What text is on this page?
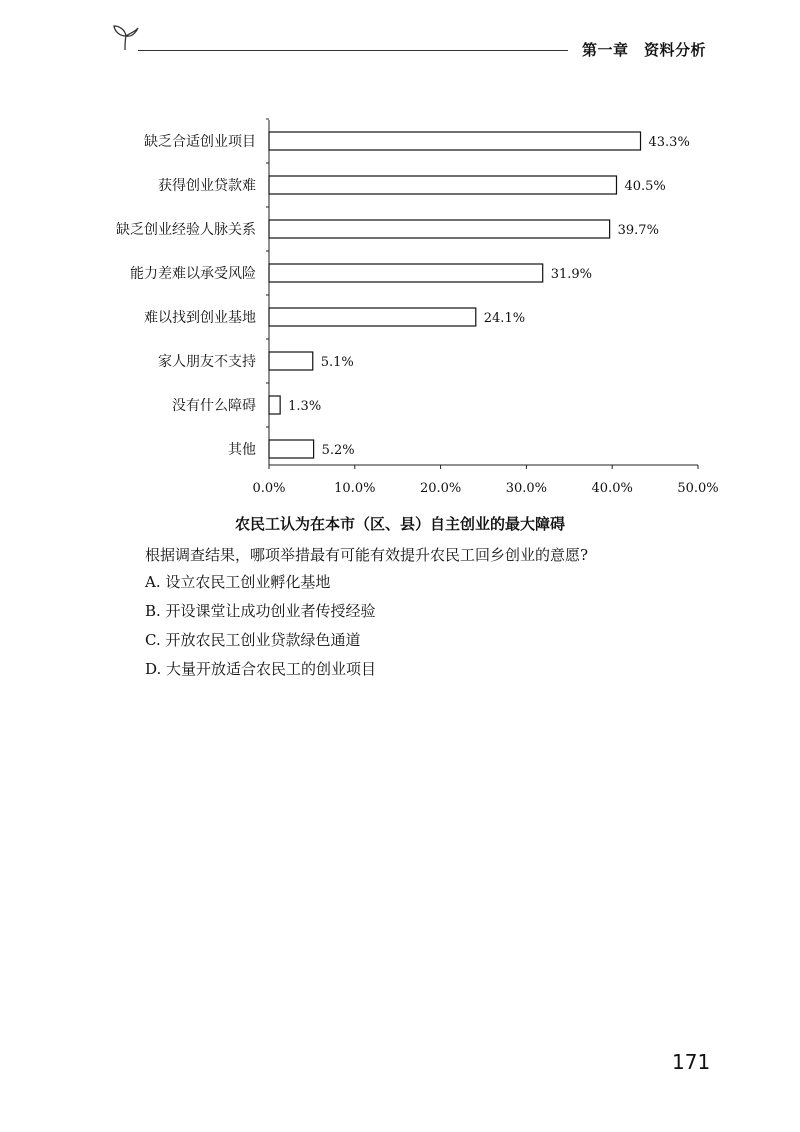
第一章　资料分析
缺乏合适创业项目	43.3%
获得创业贷款难	40.5%
缺乏创业经验人脉关系	39.7%
能力差难以承受风险	31.9%
难以找到创业基地	24.1%
家人朋友不支持	5.1%
没有什么障碍 1.3%
其他	5.2%
0.0%	10.0%	20.0%	30.0%	40.0%	50.0%
农民工认为在本市（区、县）自主创业的最大障碍
根据调查结果，哪项举措最有可能有效提升农民工回乡创业的意愿?
A. 设立农民工创业孵化基地
B. 开设课堂让成功创业者传授经验
C. 开放农民工创业贷款绿色通道
D. 大量开放适合农民工的创业项目
171
